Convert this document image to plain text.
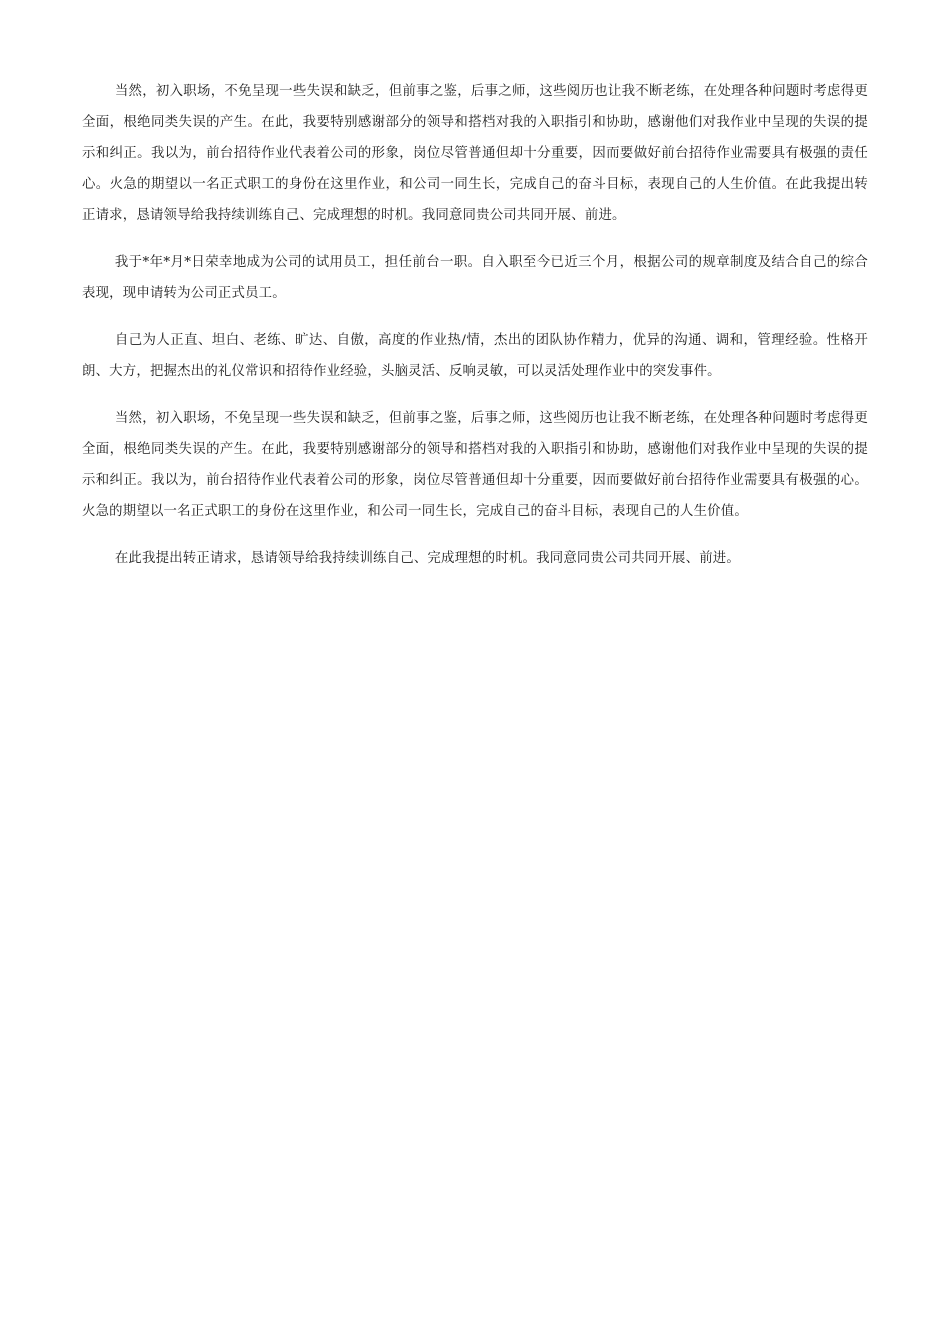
当然，初入职场，不免呈现一些失误和缺乏，但前事之鉴，后事之师，这些阅历也让我不断老练，在处理各种问题时考虑得更全面，根绝同类失误的产生。在此，我要特别感谢部分的领导和搭档对我的入职指引和协助，感谢他们对我作业中呈现的失误的提示和纠正。我以为，前台招待作业代表着公司的形象，岗位尽管普通但却十分重要，因而要做好前台招待作业需要具有极强的责任心。火急的期望以一名正式职工的身份在这里作业，和公司一同生长，完成自己的奋斗目标，表现自己的人生价值。在此我提出转正请求，恳请领导给我持续训练自己、完成理想的时机。我同意同贵公司共同开展、前进。

我于*年*月*日荣幸地成为公司的试用员工，担任前台一职。自入职至今已近三个月，根据公司的规章制度及结合自己的综合表现，现申请转为公司正式员工。

自己为人正直、坦白、老练、旷达、自傲，高度的作业热/情，杰出的团队协作精力，优异的沟通、调和，管理经验。性格开朗、大方，把握杰出的礼仪常识和招待作业经验，头脑灵活、反响灵敏，可以灵活处理作业中的突发事件。

当然，初入职场，不免呈现一些失误和缺乏，但前事之鉴，后事之师，这些阅历也让我不断老练，在处理各种问题时考虑得更全面，根绝同类失误的产生。在此，我要特别感谢部分的领导和搭档对我的入职指引和协助，感谢他们对我作业中呈现的失误的提示和纠正。我以为，前台招待作业代表着公司的形象，岗位尽管普通但却十分重要，因而要做好前台招待作业需要具有极强的心。火急的期望以一名正式职工的身份在这里作业，和公司一同生长，完成自己的奋斗目标，表现自己的人生价值。

在此我提出转正请求，恳请领导给我持续训练自己、完成理想的时机。我同意同贵公司共同开展、前进。
